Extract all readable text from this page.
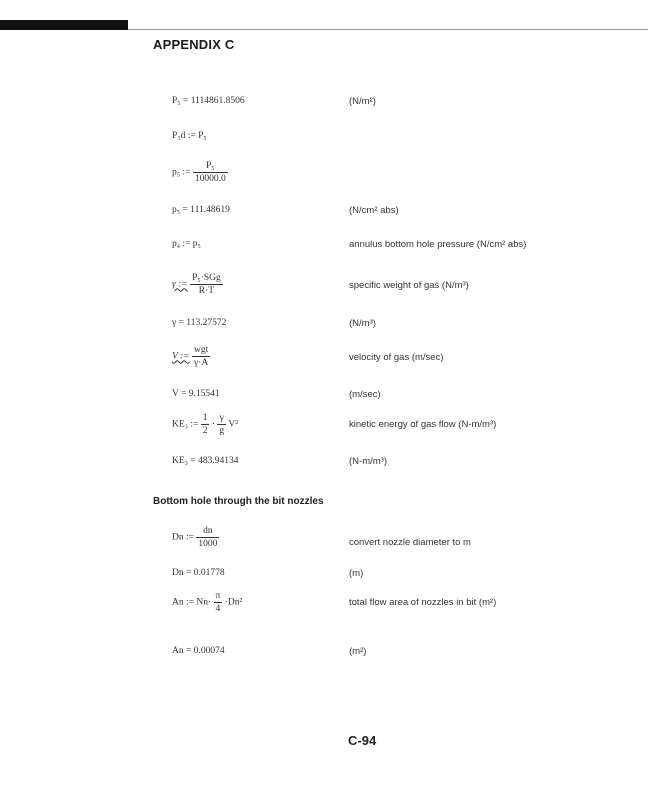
APPENDIX C
P₅ = 1114861.8506	(N/m²)
P₃d := P₅
p₅ := $\frac{\text{P₅}}{10000.0}$
p₅ = 111.48619	(N/cm² abs)
p₄ := p₅	annulus bottom hole pressure (N/cm² abs)
γ := $\frac{\text{P₅·SGg}}{R\cdot T}$	specific weight of gas (N/m³)
γ = 113.27572	(N/m³)
V := $\frac{\text{wgt}}{\gamma\cdot A}$	velocity of gas (m/sec)
V = 9.15541	(m/sec)
KE₃ := $\frac{1}{2} \cdot \frac{\gamma}{g} V^2$	kinetic energy of gas flow (N-m/m³)
KE₃ = 483.94134	(N-m/m³)
Bottom hole through the bit nozzles
Dn := $\frac{dn}{1000}$	convert nozzle diameter to m
Dn = 0.01778	(m)
An := $Nn\cdot \frac{\pi}{4} \cdot Dn^2$	total flow area of nozzles in bit (m²)
An = 0.00074	(m²)
C-94
